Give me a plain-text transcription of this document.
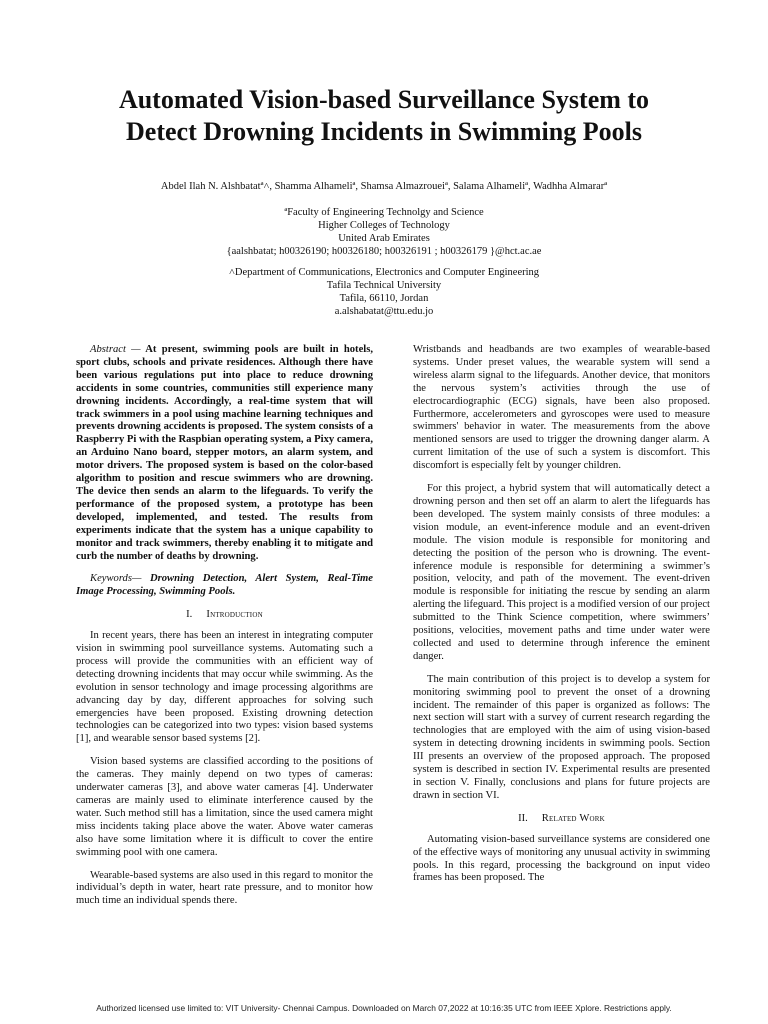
Automated Vision-based Surveillance System to
Detect Drowning Incidents in Swimming Pools
Abdel Ilah N. Alshbatatª˄, Shamma Alhameliª, Shamsa Almazroueiª, Salama Alhameliª, Wadhha Almararª
ªFaculty of Engineering Technolgy and Science
Higher Colleges of Technology
United Arab Emirates
{aalshbatat; h00326190; h00326180; h00326191 ; h00326179 }@hct.ac.ae
˄Department of Communications, Electronics and Computer Engineering
Tafila Technical University
Tafila, 66110, Jordan
a.alshabatat@ttu.edu.jo

Abstract — At present, swimming pools are built in hotels, sport clubs, schools and private residences. Although there have been various regulations put into place to reduce drowning accidents in some countries, communities still experience many drowning incidents. Accordingly, a real-time system that will track swimmers in a pool using machine learning techniques and prevents drowning accidents is proposed. The system consists of a Raspberry Pi with the Raspbian operating system, a Pixy camera, an Arduino Nano board, stepper motors, an alarm system, and motor drivers. The proposed system is based on the color-based algorithm to position and rescue swimmers who are drowning. The device then sends an alarm to the lifeguards. To verify the performance of the proposed system, a prototype has been developed, implemented, and tested. The results from experiments indicate that the system has a unique capability to monitor and track swimmers, thereby enabling it to mitigate and curb the number of deaths by drowning.

Keywords— Drowning Detection, Alert System, Real-Time Image Processing, Swimming Pools.

I. Introduction

In recent years, there has been an interest in integrating computer vision in swimming pool surveillance systems. Automating such a process will provide the communities with an efficient way of detecting drowning incidents that may occur while swimming. As the evolution in sensor technology and image processing algorithms are advancing day by day, different approaches for solving such emergencies have been proposed. Existing drowning detection technologies can be categorized into two types: vision based systems [1], and wearable sensor based systems [2].

Vision based systems are classified according to the positions of the cameras. They mainly depend on two types of cameras: underwater cameras [3], and above water cameras [4]. Underwater cameras are mainly used to eliminate interference caused by the water. Such method still has a limitation, since the used camera might miss incidents taking place above the water. Above water cameras also have some limitation where it is difficult to cover the entire swimming pool with one camera.

Wearable-based systems are also used in this regard to monitor the individual’s depth in water, heart rate pressure, and to monitor how much time an individual spends there.

Wristbands and headbands are two examples of wearable-based systems. Under preset values, the wearable system will send a wireless alarm signal to the lifeguards. Another device, that monitors the nervous system’s activities through the use of electrocardiographic (ECG) signals, have been also proposed. Furthermore, accelerometers and gyroscopes were used to measure swimmers' behavior in water. The measurements from the above mentioned sensors are used to trigger the drowning danger alarm. A current limitation of the use of such a system is discomfort. This discomfort is especially felt by younger children.

For this project, a hybrid system that will automatically detect a drowning person and then set off an alarm to alert the lifeguards has been developed. The system mainly consists of three modules: a vision module, an event-inference module and an event-driven module. The vision module is responsible for monitoring and detecting the position of the person who is drowning. The event-inference module is responsible for determining a swimmer’s position, velocity, and path of the movement. The event-driven module is responsible for initiating the rescue by sending an alarm alerting the lifeguard. This project is a modified version of our project submitted to the Think Science competition, where swimmers’ positions, velocities, movement paths and time under water were collected and used to determine through inference the eminent danger.

The main contribution of this project is to develop a system for monitoring swimming pool to prevent the onset of a drowning incident. The remainder of this paper is organized as follows: The next section will start with a survey of current research regarding the technologies that are employed with the aim of using vision-based system in detecting drowning incidents in swimming pools. Section III presents an overview of the proposed approach. The proposed system is described in section IV. Experimental results are presented in section V. Finally, conclusions and plans for future projects are drawn in section VI.

II. Related Work

Automating vision-based surveillance systems are considered one of the effective ways of monitoring any unusual activity in swimming pools. In this regard, processing the background on input video frames has been proposed. The

Authorized licensed use limited to: VIT University- Chennai Campus. Downloaded on March 07,2022 at 10:16:35 UTC from IEEE Xplore. Restrictions apply.
